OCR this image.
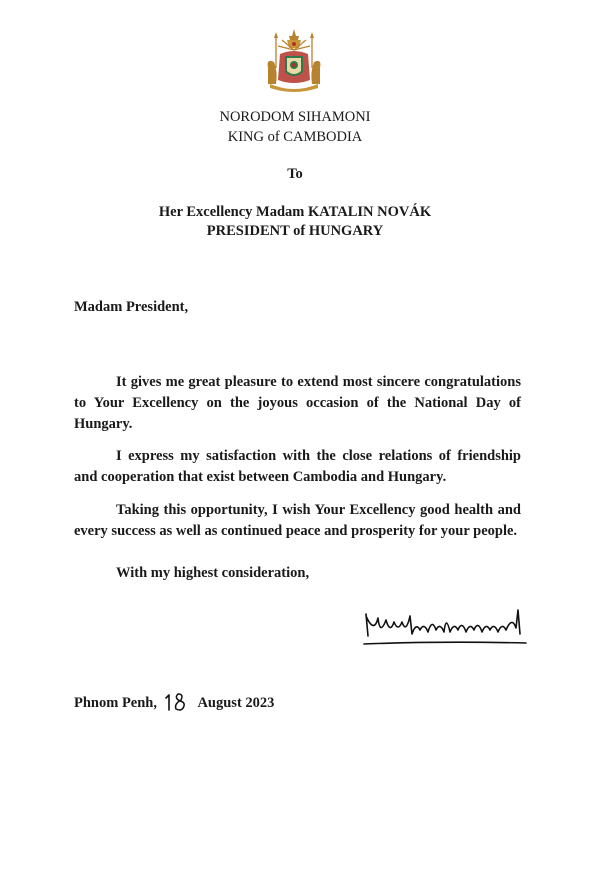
NORODOM SIHAMONI
KING of CAMBODIA
To
Her Excellency Madam KATALIN NOVÁK
PRESIDENT of HUNGARY
Madam President,

It gives me great pleasure to extend most sincere congratulations to Your Excellency on the joyous occasion of the National Day of Hungary.

I express my satisfaction with the close relations of friendship and cooperation that exist between Cambodia and Hungary.

Taking this opportunity, I wish Your Excellency good health and every success as well as continued peace and prosperity for your people.

With my highest consideration,
Phnom Penh,	August 2023
